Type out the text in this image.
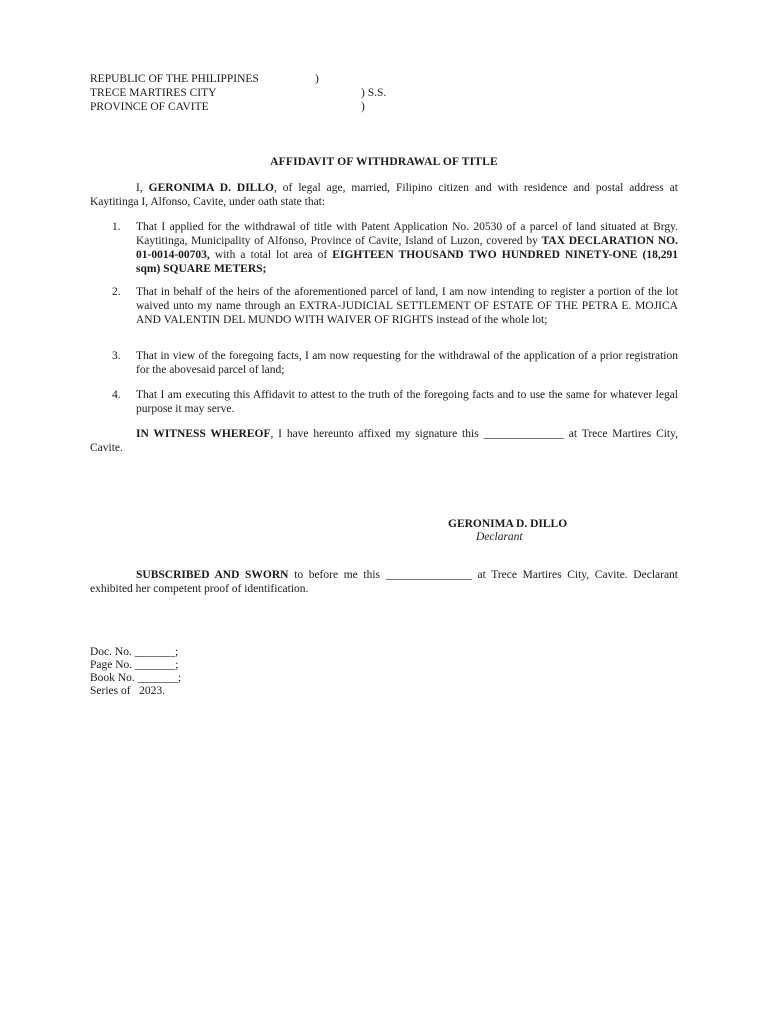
REPUBLIC OF THE PHILIPPINES	)
TRECE MARTIRES CITY	) S.S.
PROVINCE OF CAVITE	)
AFFIDAVIT OF WITHDRAWAL OF TITLE
I, GERONIMA D. DILLO, of legal age, married, Filipino citizen and with residence and postal address at Kaytitinga I, Alfonso, Cavite, under oath state that:
1.	That I applied for the withdrawal of title with Patent Application No. 20530 of a parcel of land situated at Brgy. Kaytitinga, Municipality of Alfonso, Province of Cavite, Island of Luzon, covered by TAX DECLARATION NO. 01-0014-00703, with a total lot area of EIGHTEEN THOUSAND TWO HUNDRED NINETY-ONE (18,291 sqm) SQUARE METERS;
2.	That in behalf of the heirs of the aforementioned parcel of land, I am now intending to register a portion of the lot waived unto my name through an EXTRA-JUDICIAL SETTLEMENT OF ESTATE OF THE PETRA E. MOJICA AND VALENTIN DEL MUNDO WITH WAIVER OF RIGHTS instead of the whole lot;
3.	That in view of the foregoing facts, I am now requesting for the withdrawal of the application of a prior registration for the abovesaid parcel of land;
4.	That I am executing this Affidavit to attest to the truth of the foregoing facts and to use the same for whatever legal purpose it may serve.
IN WITNESS WHEREOF, I have hereunto affixed my signature this ______________ at Trece Martires City, Cavite.
GERONIMA D. DILLO
Declarant
SUBSCRIBED AND SWORN to before me this _______________ at Trece Martires City, Cavite. Declarant exhibited her competent proof of identification.
Doc. No. _______;
Page No. _______;
Book No. _______;
Series of   2023.
